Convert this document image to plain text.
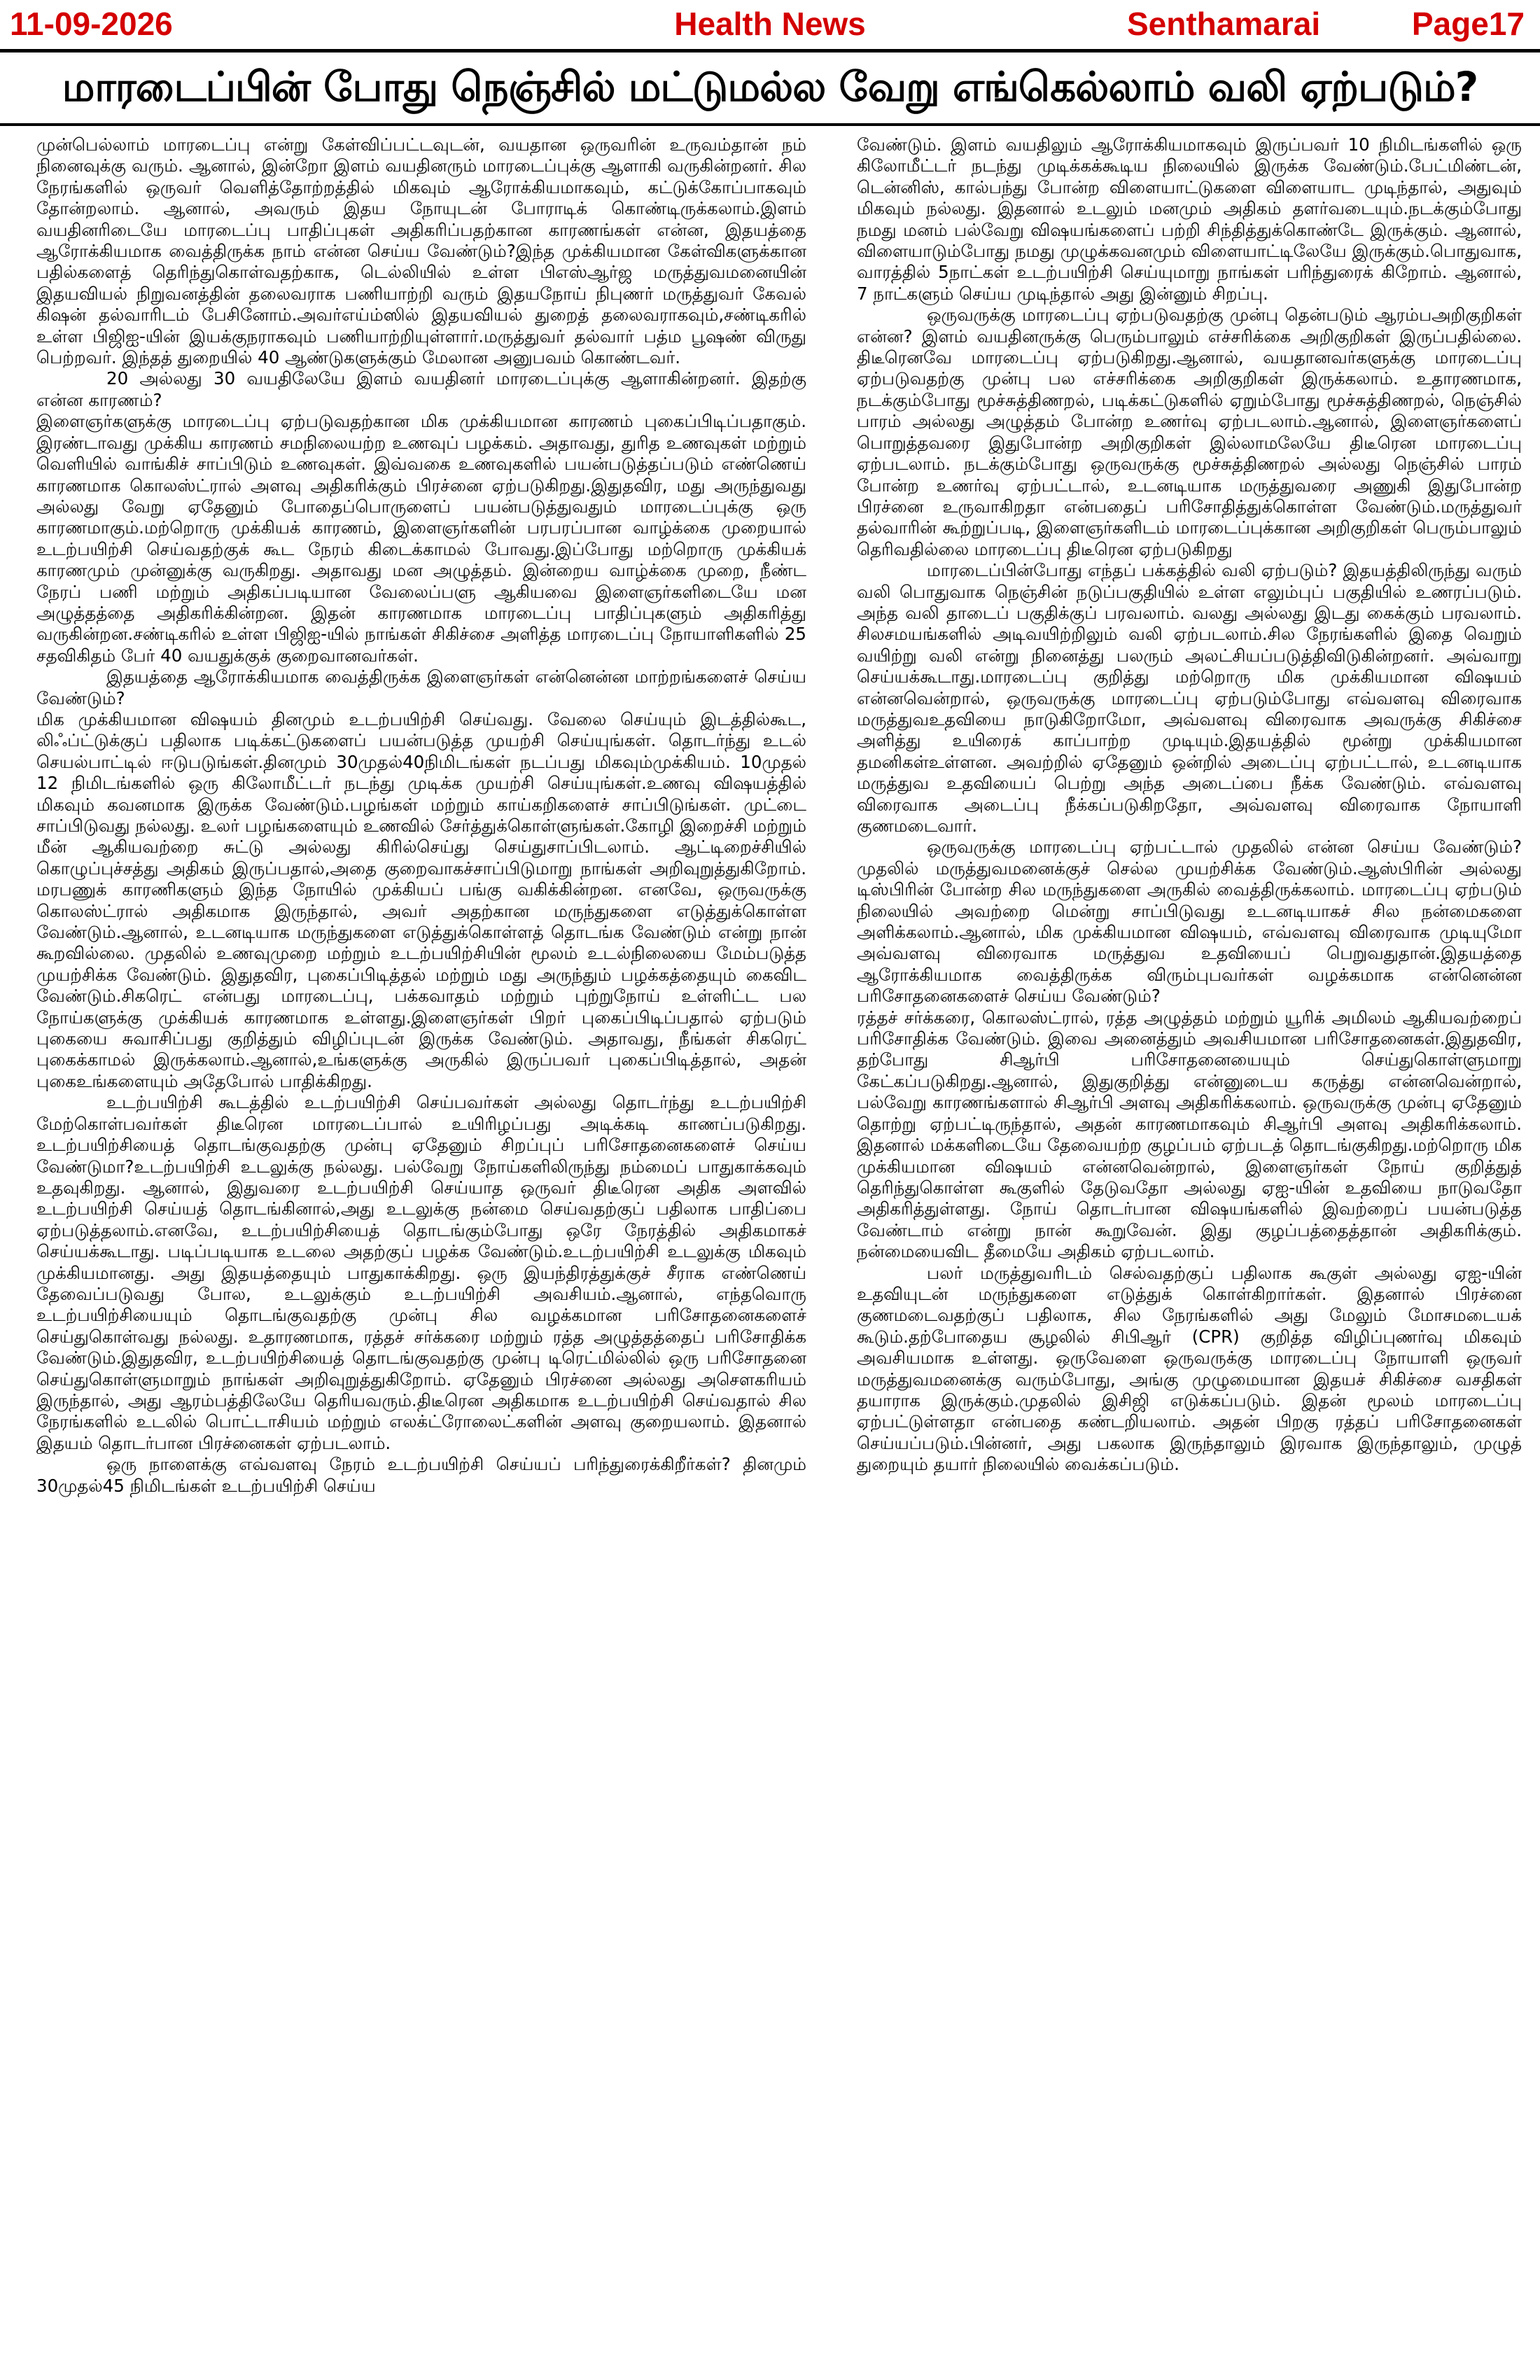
11-09-2026	Health News	Senthamarai	Page17
மாரடைப்பின் போது நெஞ்சில் மட்டுமல்ல வேறு எங்கெல்லாம் வலி ஏற்படும்?

முன்பெல்லாம் மாரடைப்பு என்று கேள்விப்பட்டவுடன், வயதான ஒருவரின் உருவம்தான் நம் நினைவுக்கு வரும். ஆனால், இன்றோ இளம் வயதினரும் மாரடைப்புக்கு ஆளாகி வருகின்றனர். சில நேரங்களில் ஒருவர் வெளித்தோற்றத்தில் மிகவும் ஆரோக்கியமாகவும், கட்டுக்கோப்பாகவும் தோன்றலாம். ஆனால், அவரும் இதய நோயுடன் போராடிக் கொண்டிருக்கலாம்.இளம் வயதினரிடையே மாரடைப்பு பாதிப்புகள் அதிகரிப்பதற்கான காரணங்கள் என்ன, இதயத்தை ஆரோக்கியமாக வைத்திருக்க நாம் என்ன செய்ய வேண்டும்?இந்த முக்கியமான கேள்விகளுக்கான பதில்களைத் தெரிந்துகொள்வதற்காக, டெல்லியில் உள்ள பிஎஸ்ஆர்ஜ மருத்துவமனையின் இதயவியல் நிறுவனத்தின் தலைவராக பணியாற்றி வரும் இதயநோய் நிபுணர் மருத்துவர் கேவல் கிஷன் தல்வாரிடம் பேசினோம்.அவர்எய்ம்ஸில் இதயவியல் துறைத் தலைவராகவும்,சண்டிகரில் உள்ள பிஜிஐ-யின் இயக்குநராகவும் பணியாற்றியுள்ளார்.மருத்துவர் தல்வார் பத்ம பூஷண் விருது பெற்றவர். இந்தத் துறையில் 40 ஆண்டுகளுக்கும் மேலான அனுபவம் கொண்டவர்.

20 அல்லது 30 வயதிலேயே இளம் வயதினர் மாரடைப்புக்கு ஆளாகின்றனர். இதற்கு என்ன காரணம்?

இளைஞர்களுக்கு மாரடைப்பு ஏற்படுவதற்கான மிக முக்கியமான காரணம் புகைப்பிடிப்பதாகும். இரண்டாவது முக்கிய காரணம் சமநிலையற்ற உணவுப் பழக்கம். அதாவது, துரித உணவுகள் மற்றும் வெளியில் வாங்கிச் சாப்பிடும் உணவுகள். இவ்வகை உணவுகளில் பயன்படுத்தப்படும் எண்ணெய் காரணமாக கொலஸ்ட்ரால் அளவு அதிகரிக்கும் பிரச்னை ஏற்படுகிறது.இதுதவிர, மது அருந்துவது அல்லது வேறு ஏதேனும் போதைப்பொருளைப் பயன்படுத்துவதும் மாரடைப்புக்கு ஒரு காரணமாகும்.மற்றொரு முக்கியக் காரணம், இளைஞர்களின் பரபரப்பான வாழ்க்கை முறையால் உடற்பயிற்சி செய்வதற்குக் கூட நேரம் கிடைக்காமல் போவது.இப்போது மற்றொரு முக்கியக் காரணமும் முன்னுக்கு வருகிறது. அதாவது மன அழுத்தம். இன்றைய வாழ்க்கை முறை, நீண்ட நேரப் பணி மற்றும் அதிகப்படியான வேலைப்பளு ஆகியவை இளைஞர்களிடையே மன அழுத்தத்தை அதிகரிக்கின்றன. இதன் காரணமாக மாரடைப்பு பாதிப்புகளும் அதிகரித்து வருகின்றன.சண்டிகரில் உள்ள பிஜிஐ-யில் நாங்கள் சிகிச்சை அளித்த மாரடைப்பு நோயாளிகளில் 25 சதவிகிதம் பேர் 40 வயதுக்குக் குறைவானவர்கள்.

இதயத்தை ஆரோக்கியமாக வைத்திருக்க இளைஞர்கள் என்னென்ன மாற்றங்களைச் செய்ய வேண்டும்?

மிக முக்கியமான விஷயம் தினமும் உடற்பயிற்சி செய்வது. வேலை செய்யும் இடத்தில்கூட, லிஃப்ட்டுக்குப் பதிலாக படிக்கட்டுகளைப் பயன்படுத்த முயற்சி செய்யுங்கள். தொடர்ந்து உடல் செயல்பாட்டில் ஈடுபடுங்கள்.தினமும் 30முதல்40நிமிடங்கள் நடப்பது மிகவும்முக்கியம். 10முதல் 12 நிமிடங்களில் ஒரு கிலோமீட்டர் நடந்து முடிக்க முயற்சி செய்யுங்கள்.உணவு விஷயத்தில் மிகவும் கவனமாக இருக்க வேண்டும்.பழங்கள் மற்றும் காய்கறிகளைச் சாப்பிடுங்கள். முட்டை சாப்பிடுவது நல்லது. உலர் பழங்களையும் உணவில் சேர்த்துக்கொள்ளுங்கள்.கோழி இறைச்சி மற்றும் மீன் ஆகியவற்றை சுட்டு அல்லது கிரில்செய்து செய்துசாப்பிடலாம். ஆட்டிறைச்சியில் கொழுப்புச்சத்து அதிகம் இருப்பதால்,அதை குறைவாகச்சாப்பிடுமாறு நாங்கள் அறிவுறுத்துகிறோம். மரபணுக் காரணிகளும் இந்த நோயில் முக்கியப் பங்கு வகிக்கின்றன. எனவே, ஒருவருக்கு கொலஸ்ட்ரால் அதிகமாக இருந்தால், அவர் அதற்கான மருந்துகளை எடுத்துக்கொள்ள வேண்டும்.ஆனால், உடனடியாக மருந்துகளை எடுத்துக்கொள்ளத் தொடங்க வேண்டும் என்று நான் கூறவில்லை. முதலில் உணவுமுறை மற்றும் உடற்பயிற்சியின் மூலம் உடல்நிலையை மேம்படுத்த முயற்சிக்க வேண்டும். இதுதவிர, புகைப்பிடித்தல் மற்றும் மது அருந்தும் பழக்கத்தையும் கைவிட வேண்டும்.சிகரெட் என்பது மாரடைப்பு, பக்கவாதம் மற்றும் புற்றுநோய் உள்ளிட்ட பல நோய்களுக்கு முக்கியக் காரணமாக உள்ளது.இளைஞர்கள் பிறர் புகைப்பிடிப்பதால் ஏற்படும் புகையை சுவாசிப்பது குறித்தும் விழிப்புடன் இருக்க வேண்டும். அதாவது, நீங்கள் சிகரெட் புகைக்காமல் இருக்கலாம்.ஆனால்,உங்களுக்கு அருகில் இருப்பவர் புகைப்பிடித்தால், அதன் புகைஉங்களையும் அதேபோல் பாதிக்கிறது.

உடற்பயிற்சி கூடத்தில் உடற்பயிற்சி செய்பவர்கள் அல்லது தொடர்ந்து உடற்பயிற்சி மேற்கொள்பவர்கள் திடீரென மாரடைப்பால் உயிரிழப்பது அடிக்கடி காணப்படுகிறது. உடற்பயிற்சியைத் தொடங்குவதற்கு முன்பு ஏதேனும் சிறப்புப் பரிசோதனைகளைச் செய்ய வேண்டுமா?உடற்பயிற்சி உடலுக்கு நல்லது. பல்வேறு நோய்களிலிருந்து நம்மைப் பாதுகாக்கவும் உதவுகிறது. ஆனால், இதுவரை உடற்பயிற்சி செய்யாத ஒருவர் திடீரென அதிக அளவில் உடற்பயிற்சி செய்யத் தொடங்கினால்,அது உடலுக்கு நன்மை செய்வதற்குப் பதிலாக பாதிப்பை ஏற்படுத்தலாம்.எனவே, உடற்பயிற்சியைத் தொடங்கும்போது ஒரே நேரத்தில் அதிகமாகச் செய்யக்கூடாது. படிப்படியாக உடலை அதற்குப் பழக்க வேண்டும்.உடற்பயிற்சி உடலுக்கு மிகவும் முக்கியமானது. அது இதயத்தையும் பாதுகாக்கிறது. ஒரு இயந்திரத்துக்குச் சீராக எண்ணெய் தேவைப்படுவது போல, உடலுக்கும் உடற்பயிற்சி அவசியம்.ஆனால், எந்தவொரு உடற்பயிற்சியையும் தொடங்குவதற்கு முன்பு சில வழக்கமான பரிசோதனைகளைச் செய்துகொள்வது நல்லது. உதாரணமாக, ரத்தச் சர்க்கரை மற்றும் ரத்த அழுத்தத்தைப் பரிசோதிக்க வேண்டும்.இதுதவிர, உடற்பயிற்சியைத் தொடங்குவதற்கு முன்பு டிரெட்மில்லில் ஒரு பரிசோதனை செய்துகொள்ளுமாறும் நாங்கள் அறிவுறுத்துகிறோம். ஏதேனும் பிரச்னை அல்லது அசௌகரியம் இருந்தால், அது ஆரம்பத்திலேயே தெரியவரும்.திடீரென அதிகமாக உடற்பயிற்சி செய்வதால் சில நேரங்களில் உடலில் பொட்டாசியம் மற்றும் எலக்ட்ரோலைட்களின் அளவு குறையலாம். இதனால் இதயம் தொடர்பான பிரச்னைகள் ஏற்படலாம்.

ஒரு நாளைக்கு எவ்வளவு நேரம் உடற்பயிற்சி செய்யப் பரிந்துரைக்கிறீர்கள்? தினமும் 30முதல்45 நிமிடங்கள் உடற்பயிற்சி செய்ய

வேண்டும். இளம் வயதிலும் ஆரோக்கியமாகவும் இருப்பவர் 10 நிமிடங்களில் ஒரு கிலோமீட்டர் நடந்து முடிக்கக்கூடிய நிலையில் இருக்க வேண்டும்.பேட்மிண்டன், டென்னிஸ், கால்பந்து போன்ற விளையாட்டுகளை விளையாட முடிந்தால், அதுவும் மிகவும் நல்லது. இதனால் உடலும் மனமும் அதிகம் தளர்வடையும்.நடக்கும்போது நமது மனம் பல்வேறு விஷயங்களைப் பற்றி சிந்தித்துக்கொண்டே இருக்கும். ஆனால், விளையாடும்போது நமது முழுக்கவனமும் விளையாட்டிலேயே இருக்கும்.பொதுவாக, வாரத்தில் 5நாட்கள் உடற்பயிற்சி செய்யுமாறு நாங்கள் பரிந்துரைக் கிறோம். ஆனால், 7 நாட்களும் செய்ய முடிந்தால் அது இன்னும் சிறப்பு.

ஒருவருக்கு மாரடைப்பு ஏற்படுவதற்கு முன்பு தென்படும் ஆரம்பஅறிகுறிகள் என்ன? இளம் வயதினருக்கு பெரும்பாலும் எச்சரிக்கை அறிகுறிகள் இருப்பதில்லை. திடீரெனவே மாரடைப்பு ஏற்படுகிறது.ஆனால், வயதானவர்களுக்கு மாரடைப்பு ஏற்படுவதற்கு முன்பு பல எச்சரிக்கை அறிகுறிகள் இருக்கலாம். உதாரணமாக, நடக்கும்போது மூச்சுத்திணறல், படிக்கட்டுகளில் ஏறும்போது மூச்சுத்திணறல், நெஞ்சில் பாரம் அல்லது அழுத்தம் போன்ற உணர்வு ஏற்படலாம்.ஆனால், இளைஞர்களைப் பொறுத்தவரை இதுபோன்ற அறிகுறிகள் இல்லாமலேயே திடீரென மாரடைப்பு ஏற்படலாம். நடக்கும்போது ஒருவருக்கு மூச்சுத்திணறல் அல்லது நெஞ்சில் பாரம் போன்ற உணர்வு ஏற்பட்டால், உடனடியாக மருத்துவரை அணுகி இதுபோன்ற பிரச்னை உருவாகிறதா என்பதைப் பரிசோதித்துக்கொள்ள வேண்டும்.மருத்துவர் தல்வாரின் கூற்றுப்படி, இளைஞர்களிடம் மாரடைப்புக்கான அறிகுறிகள் பெரும்பாலும் தெரிவதில்லை மாரடைப்பு திடீரென ஏற்படுகிறது

மாரடைப்பின்போது எந்தப் பக்கத்தில் வலி ஏற்படும்? இதயத்திலிருந்து வரும் வலி பொதுவாக நெஞ்சின் நடுப்பகுதியில் உள்ள எலும்புப் பகுதியில் உணரப்படும். அந்த வலி தாடைப் பகுதிக்குப் பரவலாம். வலது அல்லது இடது கைக்கும் பரவலாம். சிலசமயங்களில் அடிவயிற்றிலும் வலி ஏற்படலாம்.சில நேரங்களில் இதை வெறும் வயிற்று வலி என்று நினைத்து பலரும் அலட்சியப்படுத்திவிடுகின்றனர். அவ்வாறு செய்யக்கூடாது.மாரடைப்பு குறித்து மற்றொரு மிக முக்கியமான விஷயம் என்னவென்றால், ஒருவருக்கு மாரடைப்பு ஏற்படும்போது எவ்வளவு விரைவாக மருத்துவஉதவியை நாடுகிறோமோ, அவ்வளவு விரைவாக அவருக்கு சிகிச்சை அளித்து உயிரைக் காப்பாற்ற முடியும்.இதயத்தில் மூன்று முக்கியமான தமனிகள்உள்ளன. அவற்றில் ஏதேனும் ஒன்றில் அடைப்பு ஏற்பட்டால், உடனடியாக மருத்துவ உதவியைப் பெற்று அந்த அடைப்பை நீக்க வேண்டும். எவ்வளவு விரைவாக அடைப்பு நீக்கப்படுகிறதோ, அவ்வளவு விரைவாக நோயாளி குணமடைவார்.

ஒருவருக்கு மாரடைப்பு ஏற்பட்டால் முதலில் என்ன செய்ய வேண்டும்? முதலில் மருத்துவமனைக்குச் செல்ல முயற்சிக்க வேண்டும்.ஆஸ்பிரின் அல்லது டிஸ்பிரின் போன்ற சில மருந்துகளை அருகில் வைத்திருக்கலாம். மாரடைப்பு ஏற்படும் நிலையில் அவற்றை மென்று சாப்பிடுவது உடனடியாகச் சில நன்மைகளை அளிக்கலாம்.ஆனால், மிக முக்கியமான விஷயம், எவ்வளவு விரைவாக முடியுமோ அவ்வளவு விரைவாக மருத்துவ உதவியைப் பெறுவதுதான்.இதயத்தை ஆரோக்கியமாக வைத்திருக்க விரும்புபவர்கள் வழக்கமாக என்னென்ன பரிசோதனைகளைச் செய்ய வேண்டும்?

ரத்தச் சர்க்கரை, கொலஸ்ட்ரால், ரத்த அழுத்தம் மற்றும் யூரிக் அமிலம் ஆகியவற்றைப் பரிசோதிக்க வேண்டும். இவை அனைத்தும் அவசியமான பரிசோதனைகள்.இதுதவிர, தற்போது சிஆர்பி பரிசோதனையையும் செய்துகொள்ளுமாறு கேட்கப்படுகிறது.ஆனால், இதுகுறித்து என்னுடைய கருத்து என்னவென்றால், பல்வேறு காரணங்களால் சிஆர்பி அளவு அதிகரிக்கலாம். ஒருவருக்கு முன்பு ஏதேனும் தொற்று ஏற்பட்டிருந்தால், அதன் காரணமாகவும் சிஆர்பி அளவு அதிகரிக்கலாம். இதனால் மக்களிடையே தேவையற்ற குழப்பம் ஏற்படத் தொடங்குகிறது.மற்றொரு மிக முக்கியமான விஷயம் என்னவென்றால், இளைஞர்கள் நோய் குறித்துத் தெரிந்துகொள்ள கூகுளில் தேடுவதோ அல்லது ஏஐ-யின் உதவியை நாடுவதோ அதிகரித்துள்ளது. நோய் தொடர்பான விஷயங்களில் இவற்றைப் பயன்படுத்த வேண்டாம் என்று நான் கூறுவேன். இது குழப்பத்தைத்தான் அதிகரிக்கும். நன்மையைவிட தீமையே அதிகம் ஏற்படலாம்.

பலர் மருத்துவரிடம் செல்வதற்குப் பதிலாக கூகுள் அல்லது ஏஐ-யின் உதவியுடன் மருந்துகளை எடுத்துக் கொள்கிறார்கள். இதனால் பிரச்னை குணமடைவதற்குப் பதிலாக, சில நேரங்களில் அது மேலும் மோசமடையக் கூடும்.தற்போதைய சூழலில் சிபிஆர் (CPR) குறித்த விழிப்புணர்வு மிகவும் அவசியமாக உள்ளது. ஒருவேளை ஒருவருக்கு மாரடைப்பு நோயாளி ஒருவர் மருத்துவமனைக்கு வரும்போது, அங்கு முழுமையான இதயச் சிகிச்சை வசதிகள் தயாராக இருக்கும்.முதலில் இசிஜி எடுக்கப்படும். இதன் மூலம் மாரடைப்பு ஏற்பட்டுள்ளதா என்பதை கண்டறியலாம். அதன் பிறகு ரத்தப் பரிசோதனைகள் செய்யப்படும்.பின்னர், அது பகலாக இருந்தாலும் இரவாக இருந்தாலும், முழுத் துறையும் தயார் நிலையில் வைக்கப்படும்.
